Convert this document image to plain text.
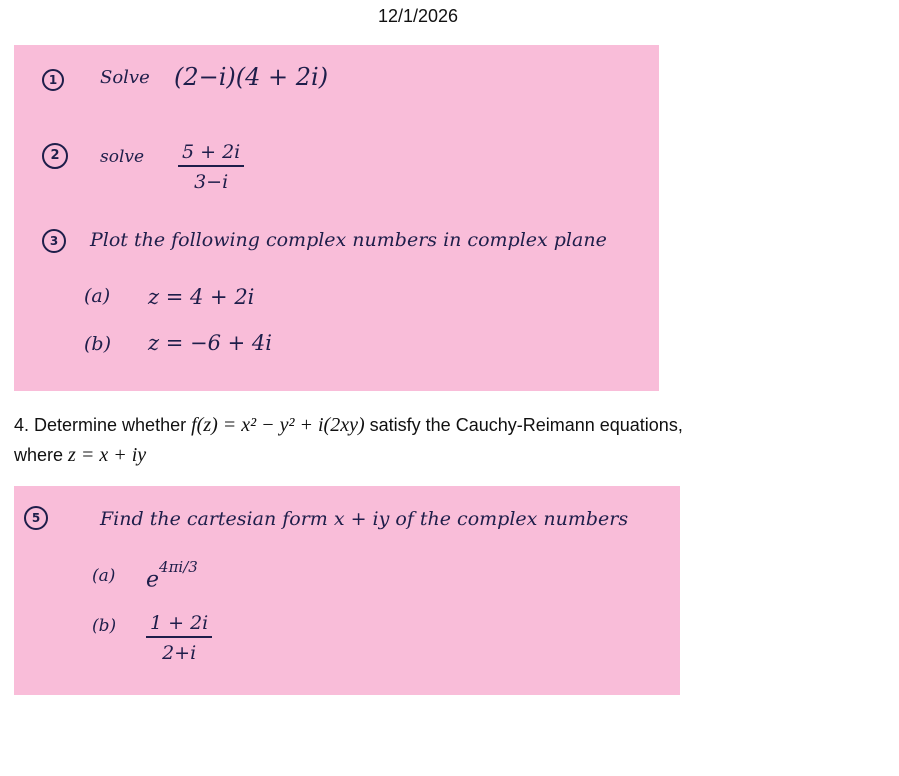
12/1/2026
1	Solve (2−i)(4 + 2i)
2	solve $\frac{5 + 2i}{3-i}$
3	Plot the following complex numbers in complex plane
(a) z = 4 + 2i
(b) z = −6 + 4i
4. Determine whether f(z) = x² − y² + i(2xy) satisfy the Cauchy-Reimann equations,
where z = x + iy
5	Find the cartesian form x + iy of the complex numbers
(a) $e^{4\pi i/3}$
$(b) \frac{1 + 2i}{2+i}$
